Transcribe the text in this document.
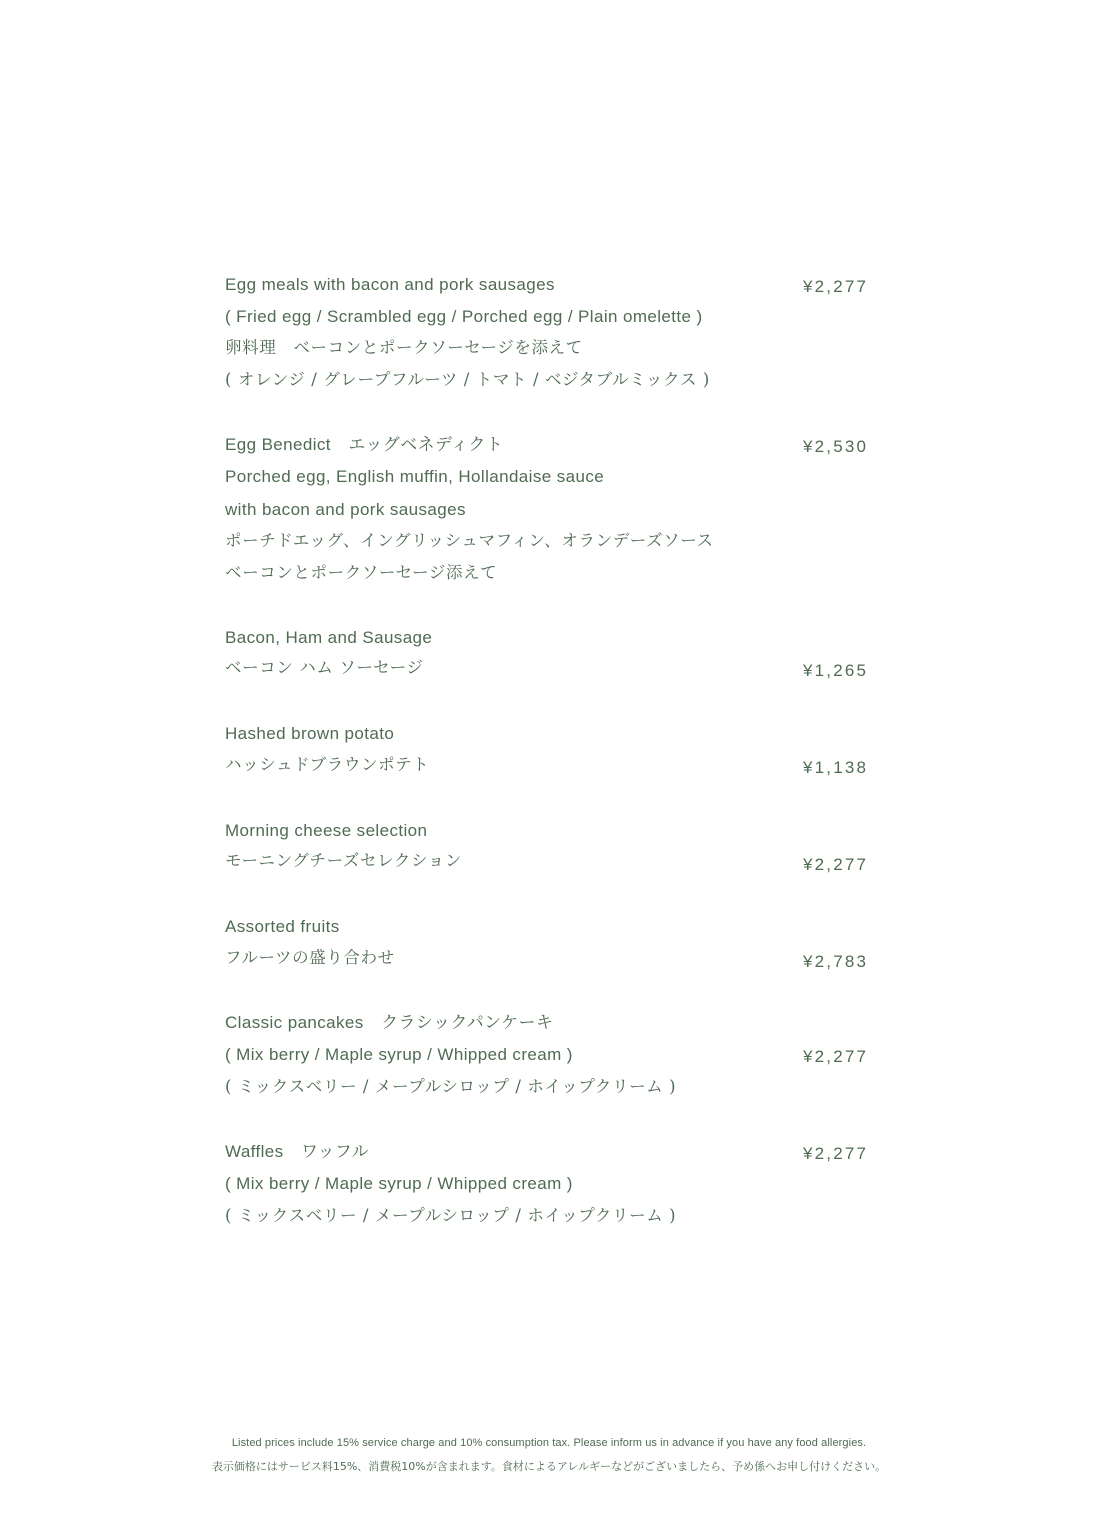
Egg meals with bacon and pork sausages
( Fried egg / Scrambled egg / Porched egg / Plain omelette )
卵料理　ベーコンとポークソーセージを添えて
( オレンジ / グレープフルーツ / トマト / ベジタブルミックス )
¥2,277
Egg Benedict　エッグベネディクト
Porched egg, English muffin, Hollandaise sauce
with bacon and pork sausages
ポーチドエッグ、イングリッシュマフィン、オランデーズソース
ベーコンとポークソーセージ添えて
¥2,530
Bacon, Ham and Sausage
ベーコン ハム ソーセージ	¥1,265
Hashed brown potato
ハッシュドブラウンポテト	¥1,138
Morning cheese selection
モーニングチーズセレクション	¥2,277
Assorted fruits
フルーツの盛り合わせ	¥2,783
Classic pancakes　クラシックパンケーキ
( Mix berry / Maple syrup / Whipped cream )
( ミックスベリー / メープルシロップ / ホイップクリーム )
¥2,277
Waffles　ワッフル
( Mix berry / Maple syrup / Whipped cream )
( ミックスベリー / メープルシロップ / ホイップクリーム )
¥2,277
Listed prices include 15% service charge and 10% consumption tax. Please inform us in advance if you have any food allergies.
表示価格にはサービス料15%、消費税10%が含まれます。食材によるアレルギーなどがございましたら、予め係へお申し付けください。
